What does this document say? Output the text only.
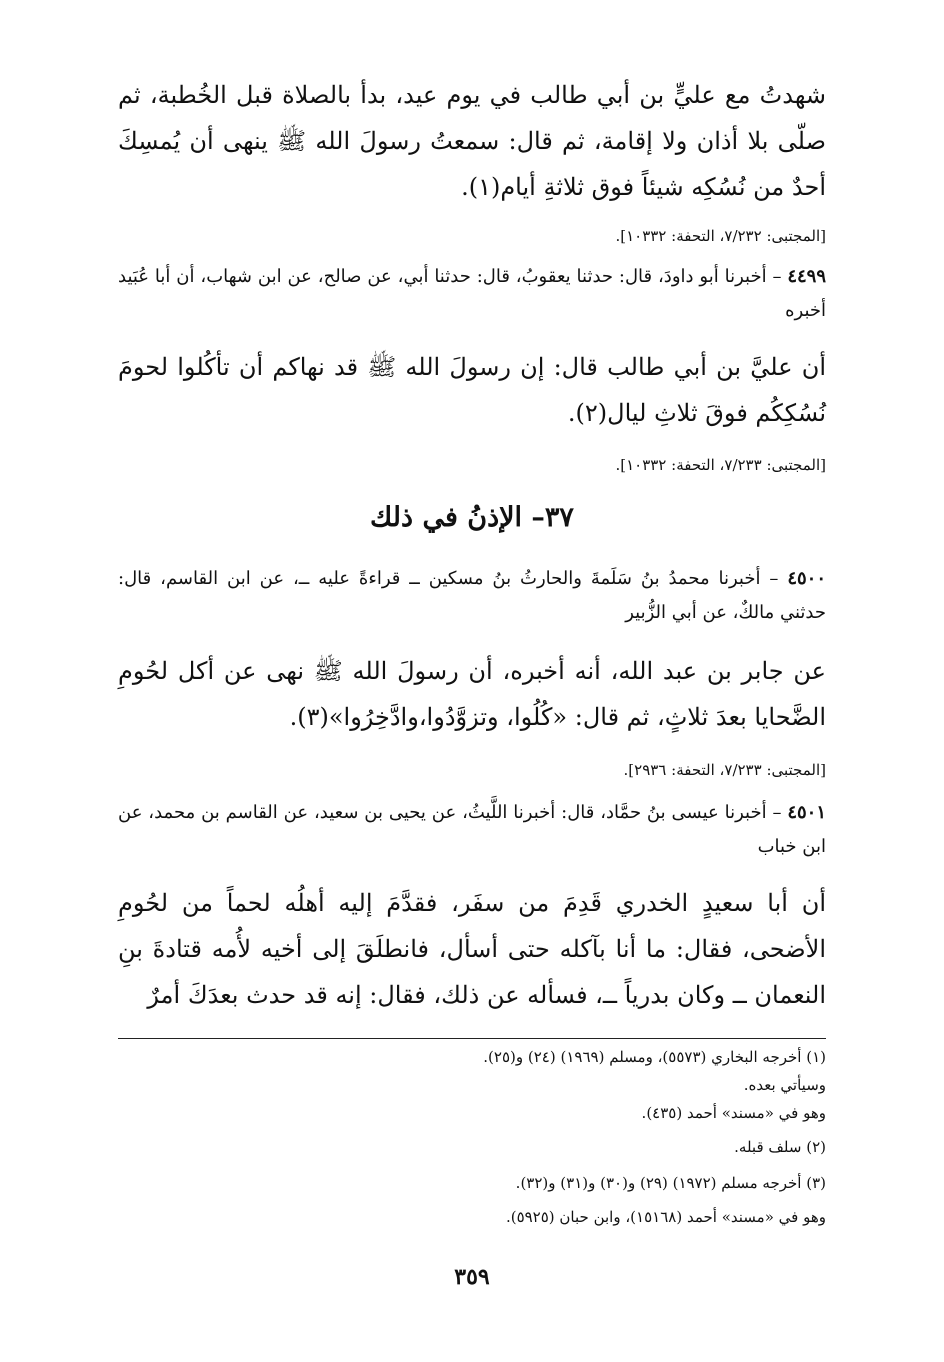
شهدتُ مع عليٍّ بن أبي طالب في يوم عيد، بدأ بالصلاة قبل الخُطبة، ثم صلّى بلا أذان ولا إقامة، ثم قال: سمعتُ رسولَ الله ﷺ ينهى أن يُمسِكَ أحدٌ من نُسُكِه شيئاً فوق ثلاثةِ أيام(١).
[المجتبى: ٧/٢٣٢، التحفة: ١٠٣٣٢].
٤٤٩٩ – أخبرنا أبو داودَ، قال: حدثنا يعقوبُ، قال: حدثنا أبي، عن صالح، عن ابن شهاب، أن أبا عُبَيد أخبره
أن عليَّ بن أبي طالب قال: إن رسولَ الله ﷺ قد نهاكم أن تأكُلوا لحومَ نُسُكِكُم فوقَ ثلاثِ ليال(٢).
[المجتبى: ٧/٢٣٣، التحفة: ١٠٣٣٢].
٣٧– الإذنُ في ذلك
٤٥٠٠ – أخبرنا محمدُ بنُ سَلَمةَ والحارثُ بنُ مسكين ــ قراءةً عليه ــ، عن ابن القاسم، قال: حدثني مالكٌ، عن أبي الزُّبير
عن جابر بن عبد الله، أنه أخبره، أن رسولَ الله ﷺ نهى عن أكل لحُومِ الضَّحايا بعدَ ثلاثٍ، ثم قال: «كُلُوا، وتزوَّدُوا،وادَّخِرُوا»(٣).
[المجتبى: ٧/٢٣٣، التحفة: ٢٩٣٦].
٤٥٠١ – أخبرنا عيسى بنُ حمَّاد، قال: أخبرنا اللَّيثُ، عن يحيى بن سعيد، عن القاسم بن محمد، عن ابن خباب
أن أبا سعيدٍ الخدري قَدِمَ من سفَر، فقدَّمَ إليه أهلُه لحماً من لحُومِ الأضحى، فقال: ما أنا بآكله حتى أسأل، فانطلَقَ إلى أخيه لأُمه قتادةَ بنِ النعمان ــ وكان بدرياً ــ، فسأله عن ذلك، فقال: إنه قد حدث بعدَكَ أمرٌ
(١) أخرجه البخاري (٥٥٧٣)، ومسلم (١٩٦٩) (٢٤) و(٢٥).
وسيأتي بعده.
وهو في «مسند» أحمد (٤٣٥).
(٢) سلف قبله.
(٣) أخرجه مسلم (١٩٧٢) (٢٩) و(٣٠) و(٣١) و(٣٢).
وهو في «مسند» أحمد (١٥١٦٨)، وابن حبان (٥٩٢٥).
٣٥٩
